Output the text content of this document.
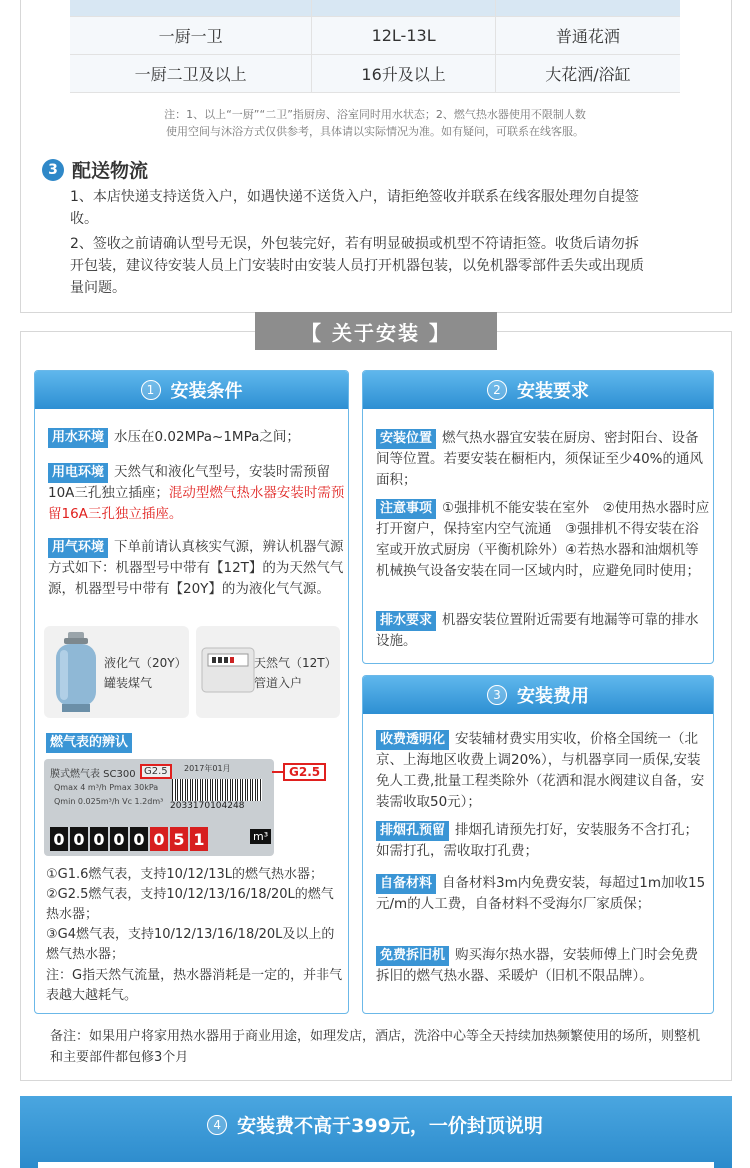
一厨一卫	12L-13L	普通花洒
一厨二卫及以上	16升及以上	大花洒/浴缸
注：1、以上“一厨”“二卫”指厨房、浴室同时用水状态；2、燃气热水器使用不限制人数
使用空间与沐浴方式仅供参考，具体请以实际情况为准。如有疑问，可联系在线客服。
3 配送物流
1、本店快递支持送货入户，如遇快递不送货入户，请拒绝签收并联系在线客服处理勿自提签收。
2、签收之前请确认型号无误，外包装完好，若有明显破损或机型不符请拒签。收货后请勿拆开包装，建议待安装人员上门安装时由安装人员打开机器包装，以免机器零部件丢失或出现质量问题。
【 关于安装 】
1 安装条件
用水环境 水压在0.02MPa~1MPa之间；
用电环境 天然气和液化气型号，安装时需预留10A三孔独立插座；混动型燃气热水器安装时需预留16A三孔独立插座。
用气环境 下单前请认真核实气源，辨认机器气源方式如下：机器型号中带有【12T】的为天然气气源，机器型号中带有【20Y】的为液化气气源。
液化气（20Y）
罐装煤气
天然气（12T）
管道入户
燃气表的辨认
膜式燃气表 SC300 G2.5	2017年01月
Qmax 4 m³/h Pmax 30kPa
Qmin 0.025m³/h Vc 1.2dm³ 2033170104248
0 0 0 0 0 0 5 1	m³
G2.5
①G1.6燃气表，支持10/12/13L的燃气热水器；
②G2.5燃气表，支持10/12/13/16/18/20L的燃气热水器；
③G4燃气表，支持10/12/13/16/18/20L及以上的燃气热水器；
注：G指天然气流量，热水器消耗是一定的，并非气表越大越耗气。
2 安装要求
安装位置 燃气热水器宜安装在厨房、密封阳台、设备间等位置。若要安装在橱柜内，须保证至少40%的通风面积；
注意事项 ①强排机不能安装在室外　②使用热水器时应打开窗户，保持室内空气流通　③强排机不得安装在浴室或开放式厨房（平衡机除外）④若热水器和油烟机等机械换气设备安装在同一区域内时，应避免同时使用；
排水要求 机器安装位置附近需要有地漏等可靠的排水设施。
3 安装费用
收费透明化 安装辅材费实用实收，价格全国统一（北京、上海地区收费上调20%），与机器享同一质保,安装免人工费,批量工程类除外（花洒和混水阀建议自备，安装需收取50元）；
排烟孔预留 排烟孔请预先打好，安装服务不含打孔；如需打孔，需收取打孔费；
自备材料 自备材料3m内免费安装，每超过1m加收15元/m的人工费，自备材料不受海尔厂家质保；
免费拆旧机 购买海尔热水器，安装师傅上门时会免费拆旧的燃气热水器、采暖炉（旧机不限品牌）。
备注：如果用户将家用热水器用于商业用途，如理发店，酒店，洗浴中心等全天持续加热频繁使用的场所，则整机和主要部件都包修3个月
4 安装费不高于399元，一价封顶说明
